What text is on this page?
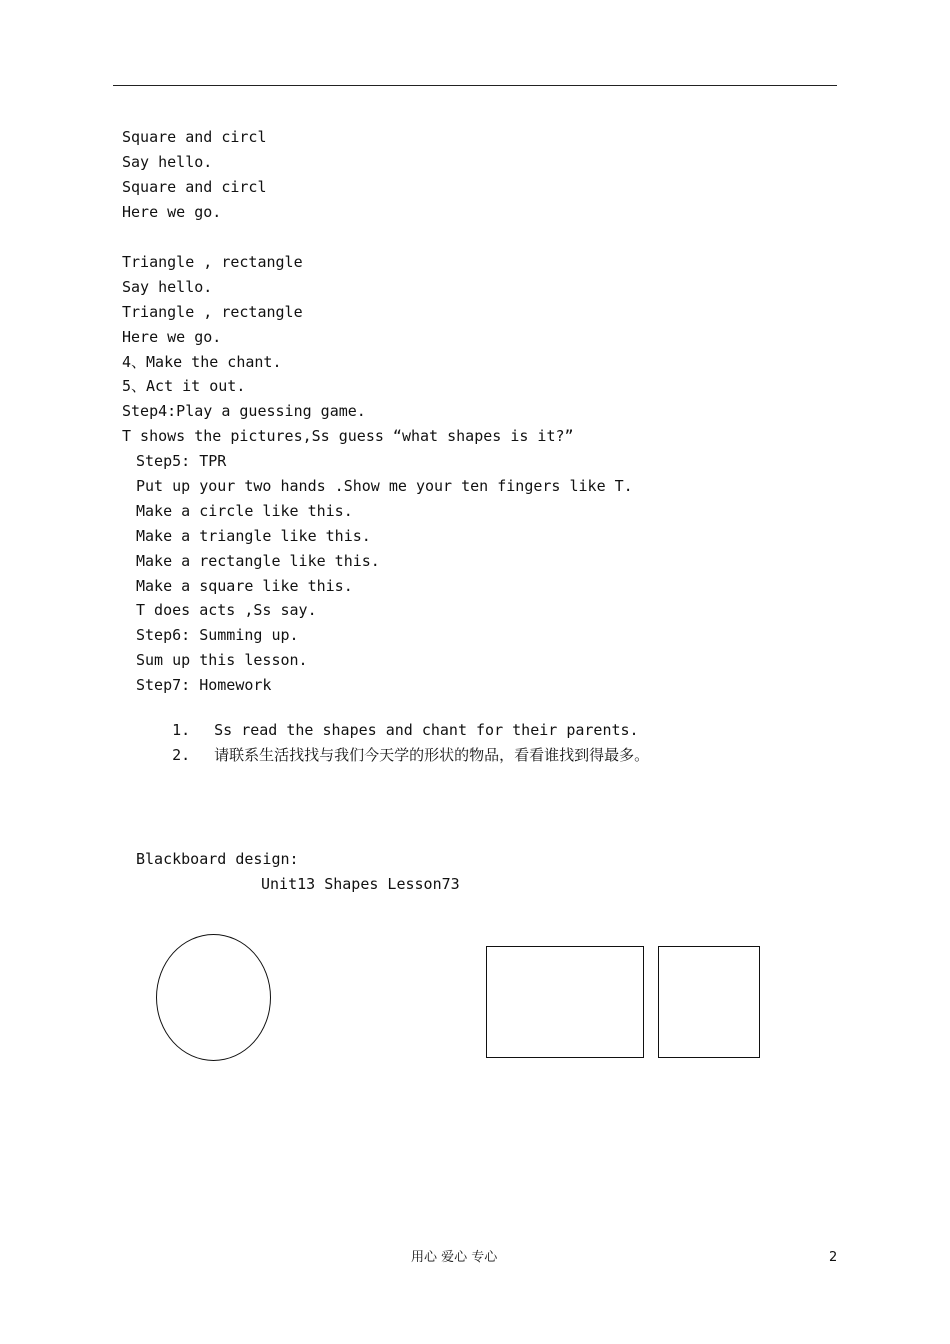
Square and circl
Say hello.
Square and circl
Here we go.
Triangle , rectangle
Say hello.
Triangle , rectangle
Here we go.
4、Make the chant.
5、Act it out.
Step4:Play a guessing game.
T shows the pictures,Ss guess “what shapes is it?”
Step5: TPR
Put up your two hands .Show me your ten fingers like T.
Make a circle like this.
Make a triangle like this.
Make a rectangle like this.
Make a square like this.
T does acts ,Ss say.
Step6: Summing up.
Sum up this lesson.
Step7: Homework

1. Ss read the shapes and chant for their parents.

2. 请联系生活找找与我们今天学的形状的物品，看看谁找到得最多。

Blackboard design:
Unit13 Shapes Lesson73
用心 爱心 专心	2
